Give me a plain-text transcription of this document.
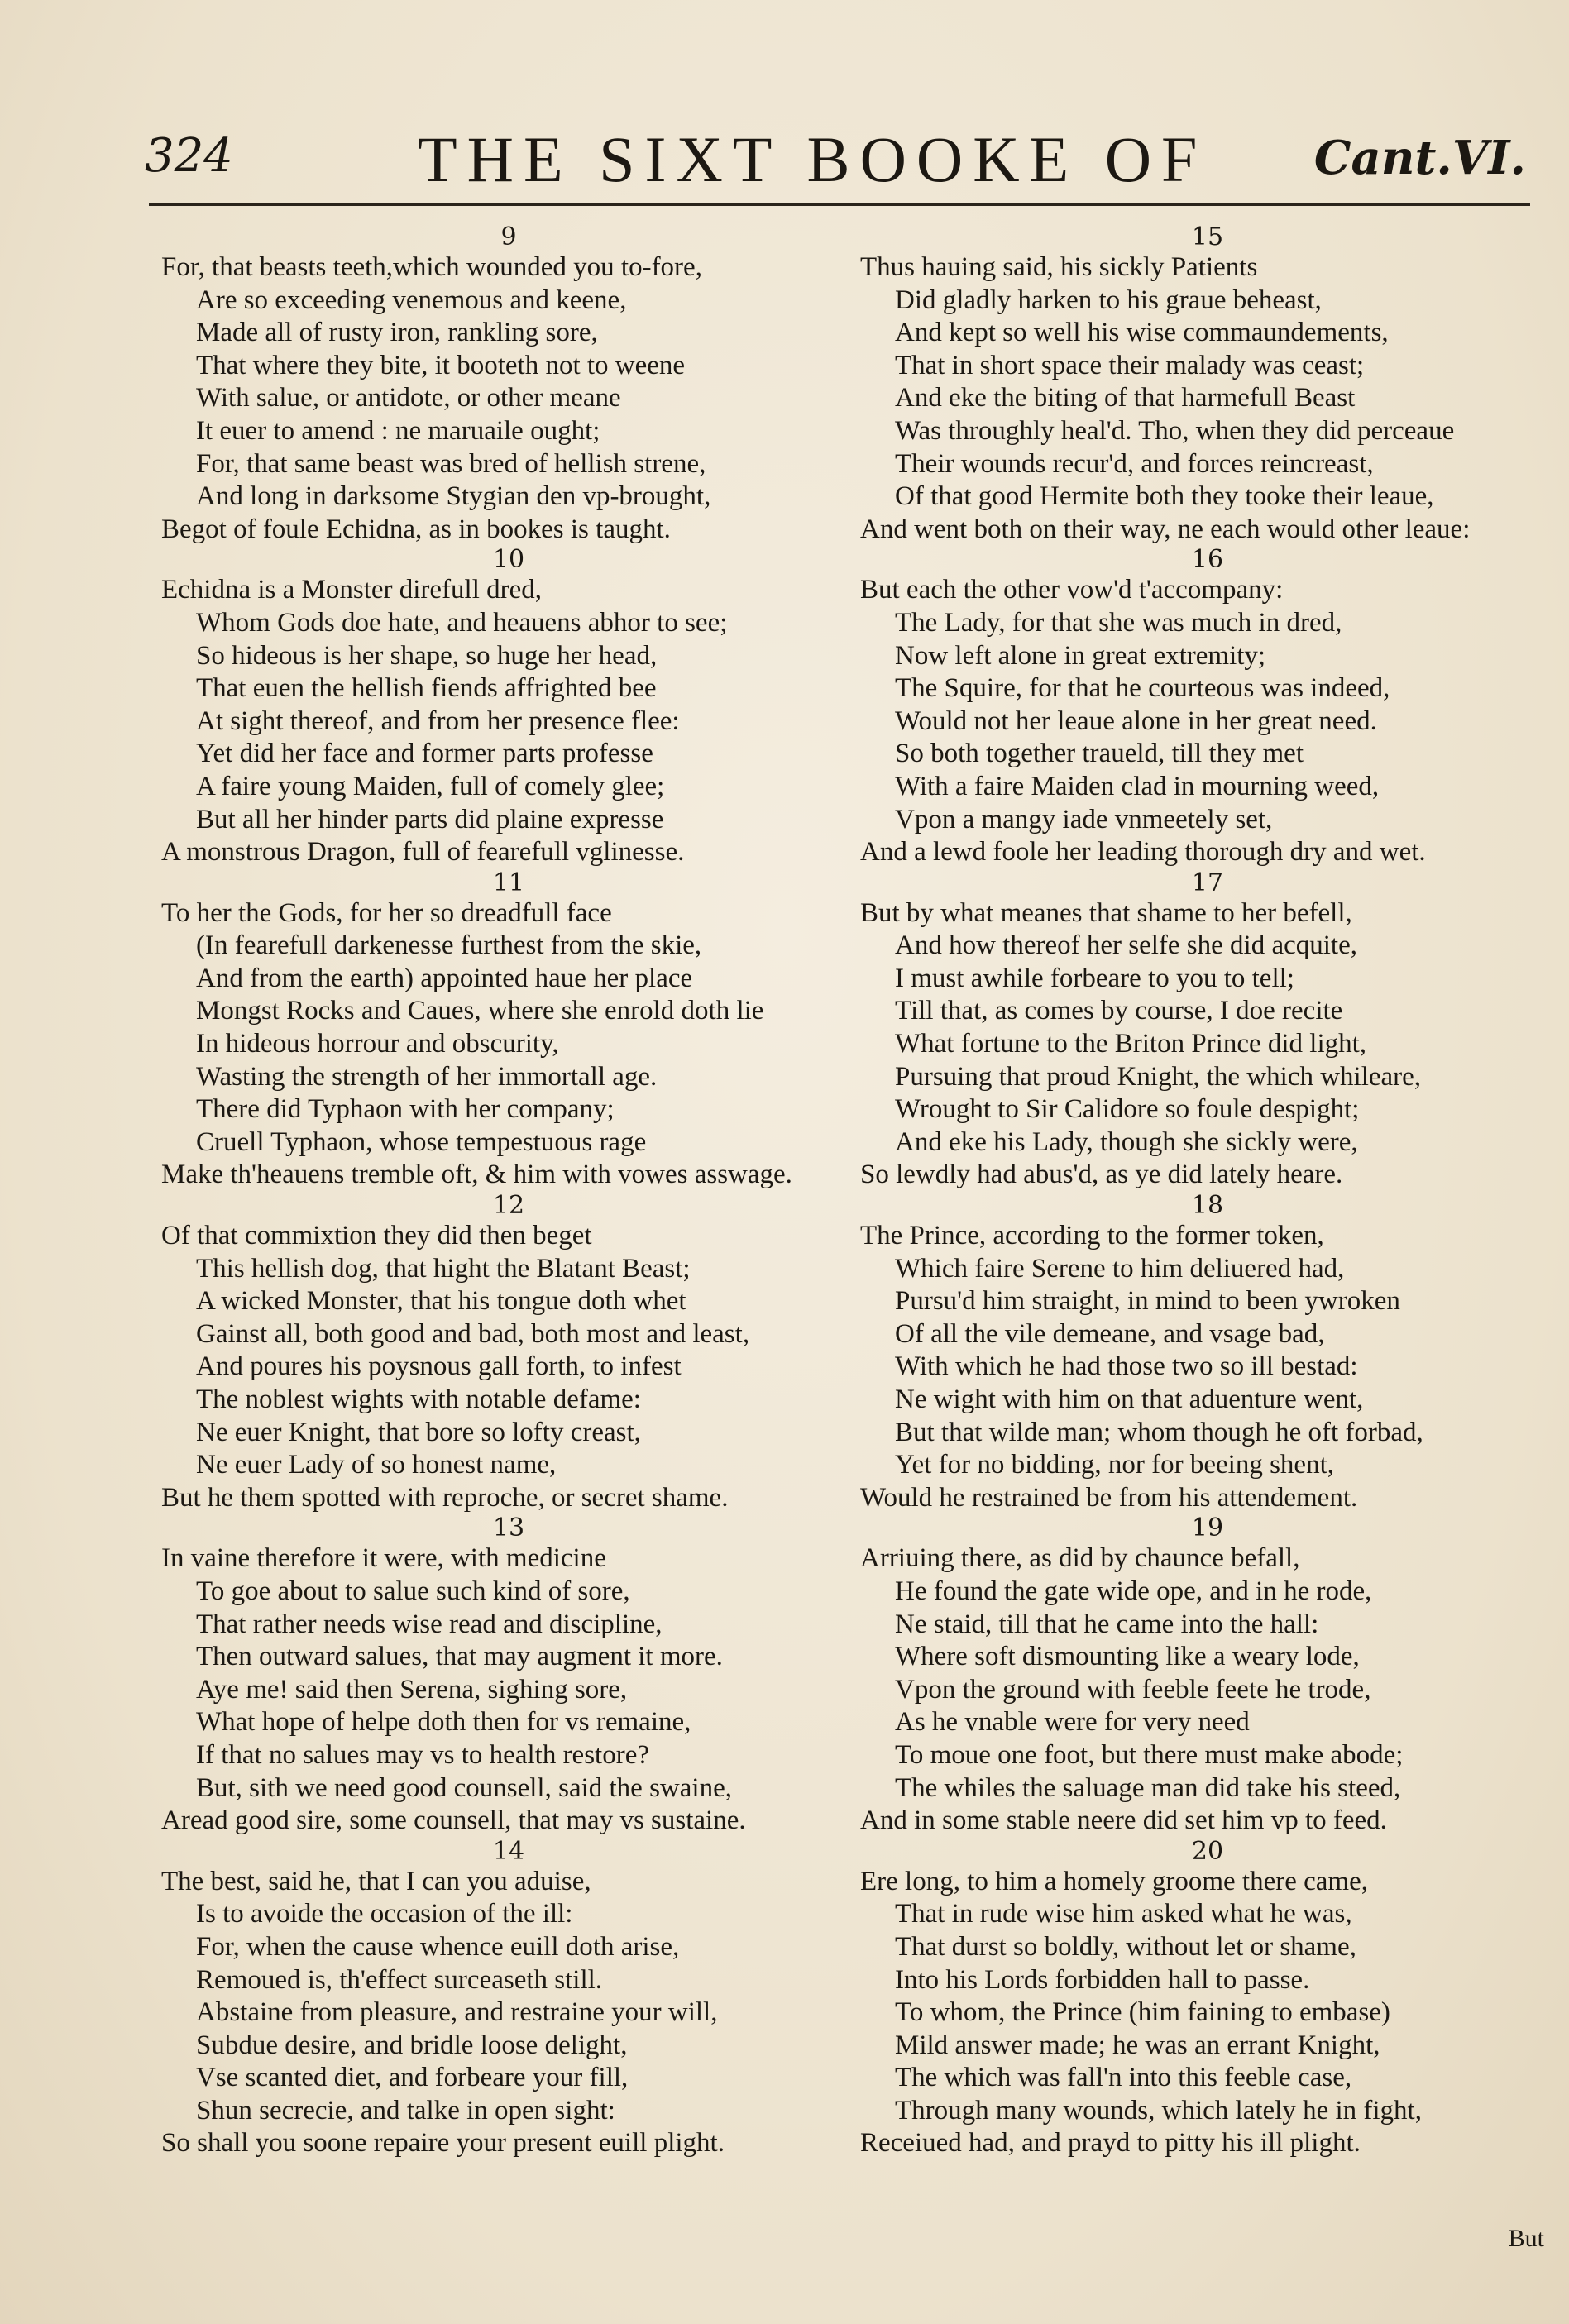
324	THE SIXT BOOKE OF Cant.VI.
9
For, that beasts teeth,which wounded you to-fore,
Are so exceeding venemous and keene,
Made all of rusty iron, rankling sore,
That where they bite, it booteth not to weene
With salue, or antidote, or other meane
It euer to amend : ne maruaile ought;
For, that same beast was bred of hellish strene,
And long in darksome Stygian den vp-brought,
Begot of foule Echidna, as in bookes is taught.
10
Echidna is a Monster direfull dred,
Whom Gods doe hate, and heauens abhor to see;
So hideous is her shape, so huge her head,
That euen the hellish fiends affrighted bee
At sight thereof, and from her presence flee:
Yet did her face and former parts professe
A faire young Maiden, full of comely glee;
But all her hinder parts did plaine expresse
A monstrous Dragon, full of fearefull vglinesse.
11
To her the Gods, for her so dreadfull face
(In fearefull darkenesse furthest from the skie,
And from the earth) appointed haue her place
Mongst Rocks and Caues, where she enrold doth lie
In hideous horrour and obscurity,
Wasting the strength of her immortall age.
There did Typhaon with her company;
Cruell Typhaon, whose tempestuous rage
Make th'heauens tremble oft, & him with vowes asswage.
12
Of that commixtion they did then beget
This hellish dog, that hight the Blatant Beast;
A wicked Monster, that his tongue doth whet
Gainst all, both good and bad, both most and least,
And poures his poysnous gall forth, to infest
The noblest wights with notable defame:
Ne euer Knight, that bore so lofty creast,
Ne euer Lady of so honest name,
But he them spotted with reproche, or secret shame.
13
In vaine therefore it were, with medicine
To goe about to salue such kind of sore,
That rather needs wise read and discipline,
Then outward salues, that may augment it more.
Aye me! said then Serena, sighing sore,
What hope of helpe doth then for vs remaine,
If that no salues may vs to health restore?
But, sith we need good counsell, said the swaine,
Aread good sire, some counsell, that may vs sustaine.
14
The best, said he, that I can you aduise,
Is to avoide the occasion of the ill:
For, when the cause whence euill doth arise,
Remoued is, th'effect surceaseth still.
Abstaine from pleasure, and restraine your will,
Subdue desire, and bridle loose delight,
Vse scanted diet, and forbeare your fill,
Shun secrecie, and talke in open sight:
So shall you soone repaire your present euill plight.
15
Thus hauing said, his sickly Patients
Did gladly harken to his graue beheast,
And kept so well his wise commaundements,
That in short space their malady was ceast;
And eke the biting of that harmefull Beast
Was throughly heal'd. Tho, when they did perceaue
Their wounds recur'd, and forces reincreast,
Of that good Hermite both they tooke their leaue,
And went both on their way, ne each would other leaue:
16
But each the other vow'd t'accompany:
The Lady, for that she was much in dred,
Now left alone in great extremity;
The Squire, for that he courteous was indeed,
Would not her leaue alone in her great need.
So both together traueld, till they met
With a faire Maiden clad in mourning weed,
Vpon a mangy iade vnmeetely set,
And a lewd foole her leading thorough dry and wet.
17
But by what meanes that shame to her befell,
And how thereof her selfe she did acquite,
I must awhile forbeare to you to tell;
Till that, as comes by course, I doe recite
What fortune to the Briton Prince did light,
Pursuing that proud Knight, the which whileare,
Wrought to Sir Calidore so foule despight;
And eke his Lady, though she sickly were,
So lewdly had abus'd, as ye did lately heare.
18
The Prince, according to the former token,
Which faire Serene to him deliuered had,
Pursu'd him straight, in mind to been ywroken
Of all the vile demeane, and vsage bad,
With which he had those two so ill bestad:
Ne wight with him on that aduenture went,
But that wilde man; whom though he oft forbad,
Yet for no bidding, nor for beeing shent,
Would he restrained be from his attendement.
19
Arriuing there, as did by chaunce befall,
He found the gate wide ope, and in he rode,
Ne staid, till that he came into the hall:
Where soft dismounting like a weary lode,
Vpon the ground with feeble feete he trode,
As he vnable were for very need
To moue one foot, but there must make abode;
The whiles the saluage man did take his steed,
And in some stable neere did set him vp to feed.
20
Ere long, to him a homely groome there came,
That in rude wise him asked what he was,
That durst so boldly, without let or shame,
Into his Lords forbidden hall to passe.
To whom, the Prince (him faining to embase)
Mild answer made; he was an errant Knight,
The which was fall'n into this feeble case,
Through many wounds, which lately he in fight,
Receiued had, and prayd to pitty his ill plight.
But
